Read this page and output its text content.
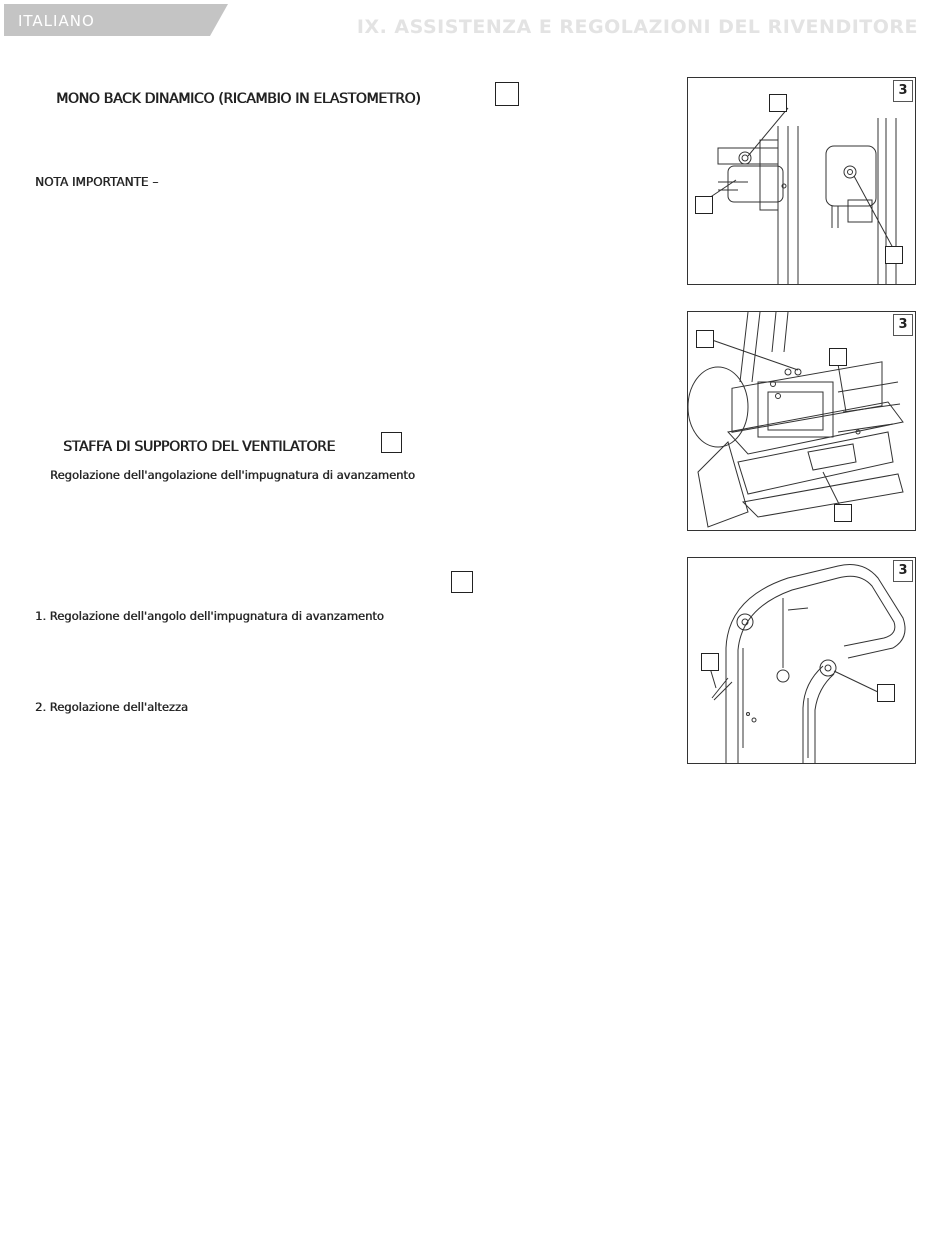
ITALIANO	IX. ASSISTENZA E REGOLAZIONI DEL RIVENDITORE
MONO BACK DINAMICO (RICAMBIO IN ELASTOMETRO)
NOTA IMPORTANTE –
STAFFA DI SUPPORTO DEL VENTILATORE
Regolazione dell'angolazione dell'impugnatura di avanzamento
1. Regolazione dell'angolo dell'impugnatura di avanzamento
2. Regolazione dell'altezza
3
3
3
